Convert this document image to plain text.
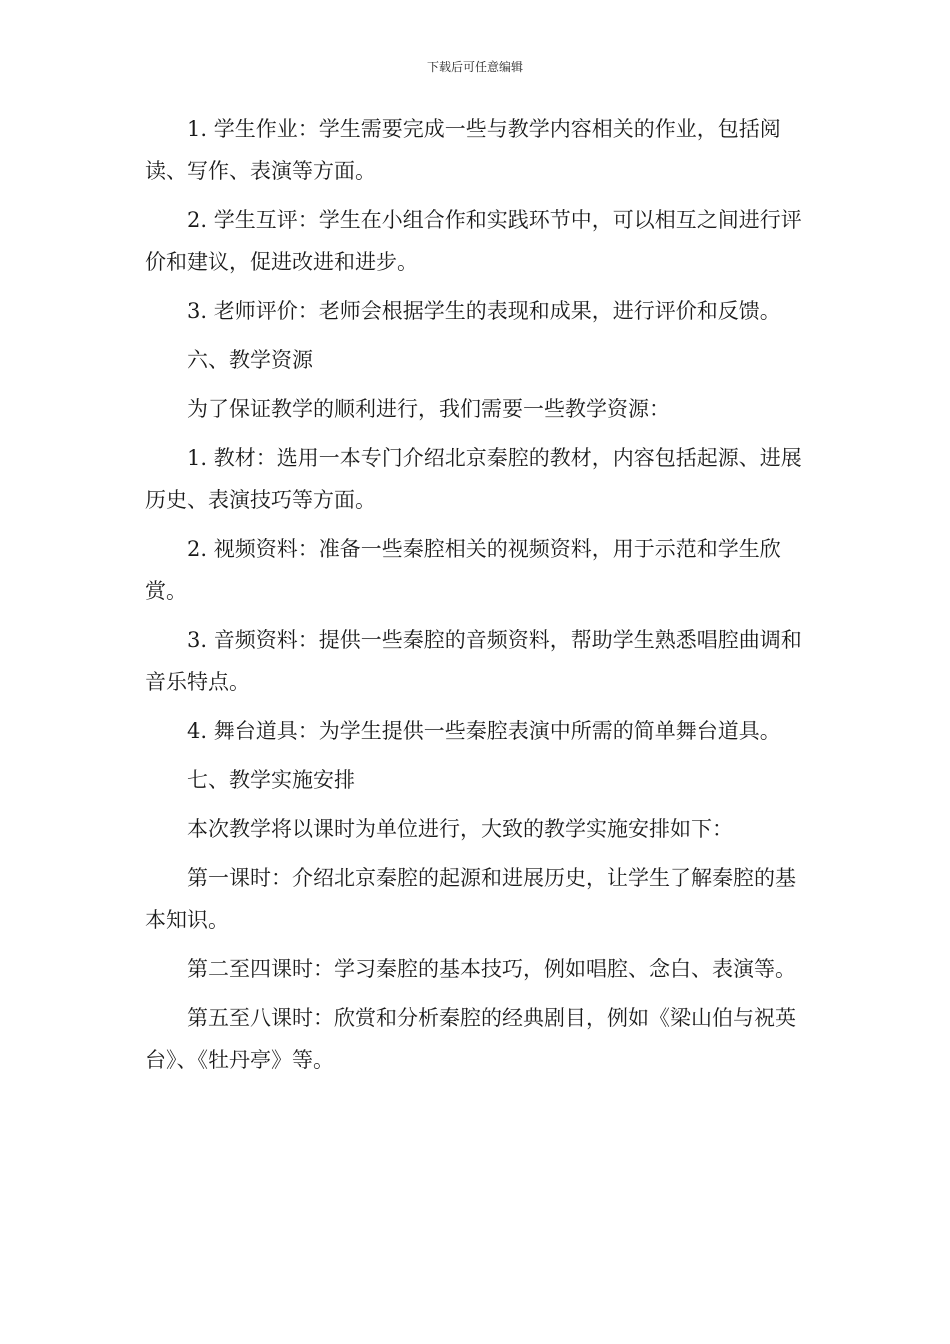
下载后可任意编辑

1. 学生作业：学生需要完成一些与教学内容相关的作业，包括阅读、写作、表演等方面。

2. 学生互评：学生在小组合作和实践环节中，可以相互之间进行评价和建议，促进改进和进步。

3. 老师评价：老师会根据学生的表现和成果，进行评价和反馈。

六、教学资源

为了保证教学的顺利进行，我们需要一些教学资源：

1. 教材：选用一本专门介绍北京秦腔的教材，内容包括起源、进展历史、表演技巧等方面。

2. 视频资料：准备一些秦腔相关的视频资料，用于示范和学生欣赏。

3. 音频资料：提供一些秦腔的音频资料，帮助学生熟悉唱腔曲调和音乐特点。

4. 舞台道具：为学生提供一些秦腔表演中所需的简单舞台道具。

七、教学实施安排

本次教学将以课时为单位进行，大致的教学实施安排如下：

第一课时：介绍北京秦腔的起源和进展历史，让学生了解秦腔的基本知识。

第二至四课时：学习秦腔的基本技巧，例如唱腔、念白、表演等。

第五至八课时：欣赏和分析秦腔的经典剧目，例如《梁山伯与祝英台》、《牡丹亭》等。
